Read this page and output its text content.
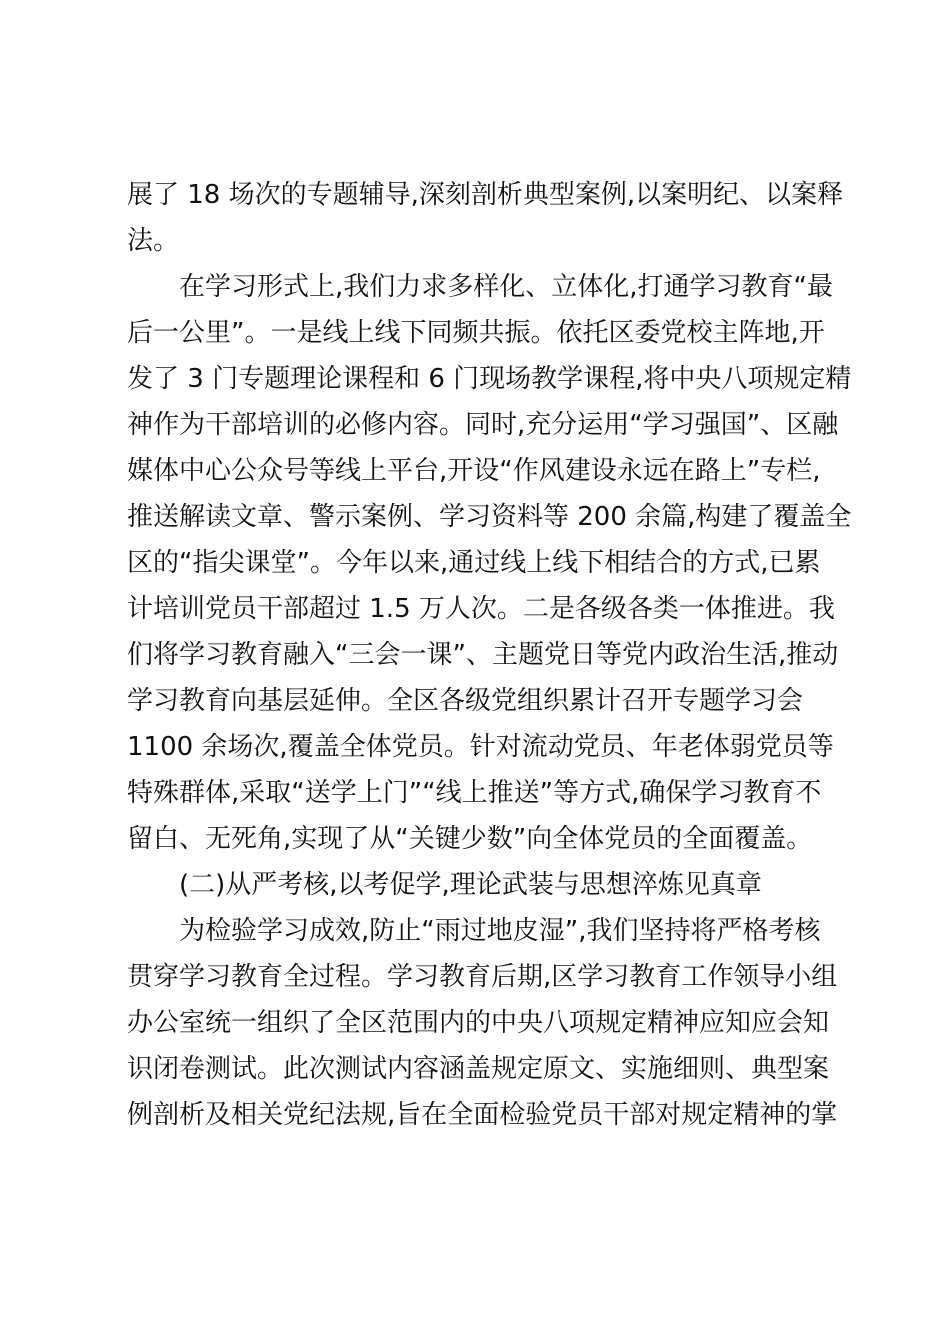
展了 18 场次的专题辅导,深刻剖析典型案例,以案明纪、以案释
法。
在学习形式上,我们力求多样化、立体化,打通学习教育“最
后一公里”。一是线上线下同频共振。依托区委党校主阵地,开
发了 3 门专题理论课程和 6 门现场教学课程,将中央八项规定精
神作为干部培训的必修内容。同时,充分运用“学习强国”、区融
媒体中心公众号等线上平台,开设“作风建设永远在路上”专栏,
推送解读文章、警示案例、学习资料等 200 余篇,构建了覆盖全
区的“指尖课堂”。今年以来,通过线上线下相结合的方式,已累
计培训党员干部超过 1.5 万人次。二是各级各类一体推进。我
们将学习教育融入“三会一课”、主题党日等党内政治生活,推动
学习教育向基层延伸。全区各级党组织累计召开专题学习会
1100 余场次,覆盖全体党员。针对流动党员、年老体弱党员等
特殊群体,采取“送学上门”“线上推送”等方式,确保学习教育不
留白、无死角,实现了从“关键少数”向全体党员的全面覆盖。
(二)从严考核,以考促学,理论武装与思想淬炼见真章
为检验学习成效,防止“雨过地皮湿”,我们坚持将严格考核
贯穿学习教育全过程。学习教育后期,区学习教育工作领导小组
办公室统一组织了全区范围内的中央八项规定精神应知应会知
识闭卷测试。此次测试内容涵盖规定原文、实施细则、典型案
例剖析及相关党纪法规,旨在全面检验党员干部对规定精神的掌
